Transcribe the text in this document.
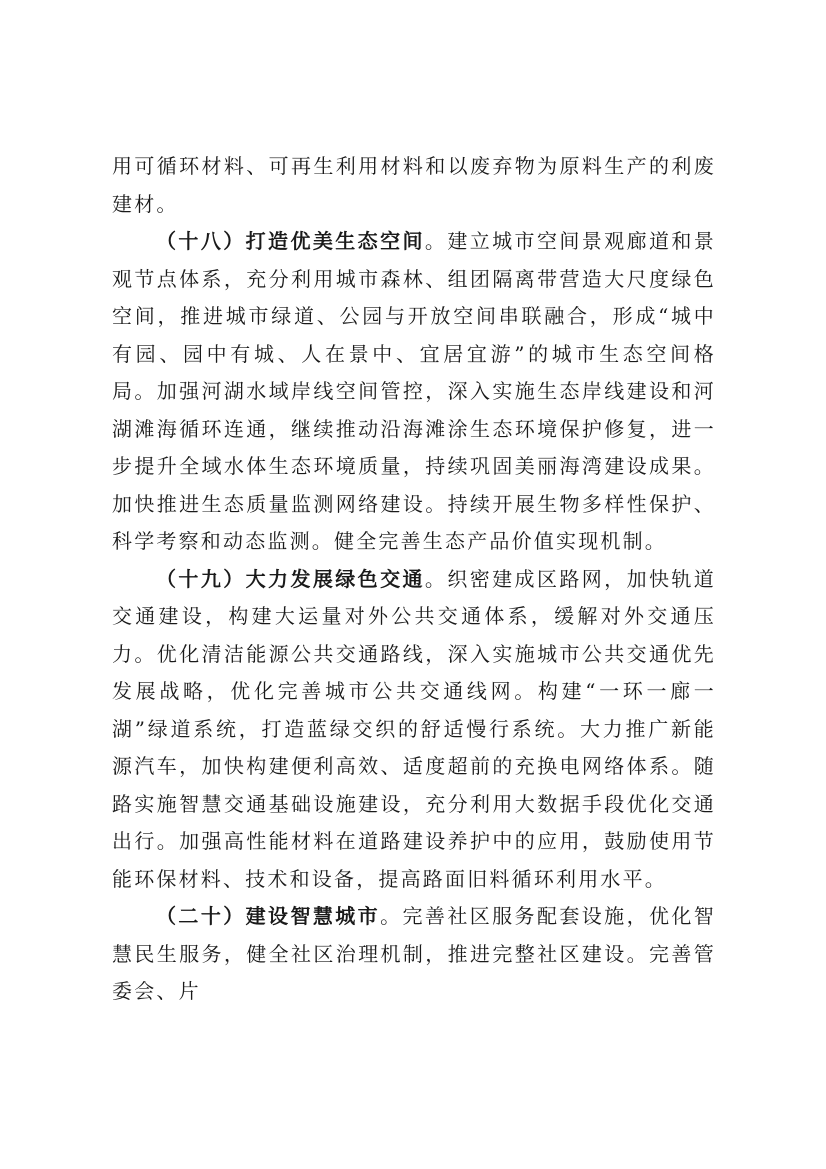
用可循环材料、可再生利用材料和以废弃物为原料生产的利废建材。

（十八）打造优美生态空间。建立城市空间景观廊道和景观节点体系，充分利用城市森林、组团隔离带营造大尺度绿色空间，推进城市绿道、公园与开放空间串联融合，形成“城中有园、园中有城、人在景中、宜居宜游”的城市生态空间格局。加强河湖水域岸线空间管控，深入实施生态岸线建设和河湖滩海循环连通，继续推动沿海滩涂生态环境保护修复，进一步提升全域水体生态环境质量，持续巩固美丽海湾建设成果。加快推进生态质量监测网络建设。持续开展生物多样性保护、科学考察和动态监测。健全完善生态产品价值实现机制。

（十九）大力发展绿色交通。织密建成区路网，加快轨道交通建设，构建大运量对外公共交通体系，缓解对外交通压力。优化清洁能源公共交通路线，深入实施城市公共交通优先发展战略，优化完善城市公共交通线网。构建“一环一廊一湖”绿道系统，打造蓝绿交织的舒适慢行系统。大力推广新能源汽车，加快构建便利高效、适度超前的充换电网络体系。随路实施智慧交通基础设施建设，充分利用大数据手段优化交通出行。加强高性能材料在道路建设养护中的应用，鼓励使用节能环保材料、技术和设备，提高路面旧料循环利用水平。

（二十）建设智慧城市。完善社区服务配套设施，优化智慧民生服务，健全社区治理机制，推进完整社区建设。完善管委会、片
